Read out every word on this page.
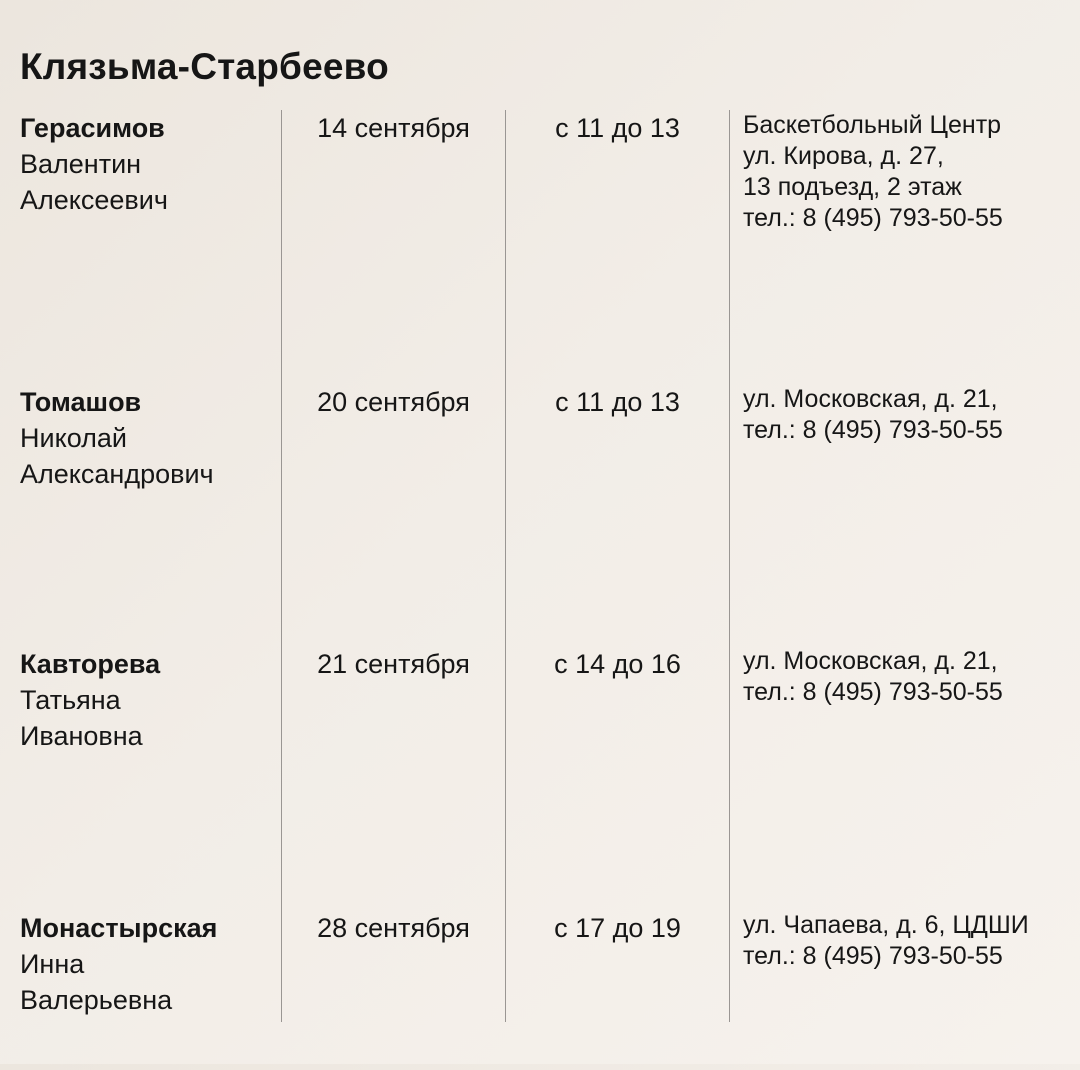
Клязьма-Старбеево
Герасимов
Валентин
Алексеевич
14 сентября	с 11 до 13	Баскетбольный Центр
ул. Кирова, д. 27,
13 подъезд, 2 этаж
тел.: 8 (495) 793-50-55
Томашов
Николай
Александрович
20 сентября	с 11 до 13	ул. Московская, д. 21,
тел.: 8 (495) 793-50-55
Кавторева
Татьяна
Ивановна
21 сентября	с 14 до 16	ул. Московская, д. 21,
тел.: 8 (495) 793-50-55
Монастырская
Инна
Валерьевна
28 сентября	с 17 до 19	ул. Чапаева, д. 6, ЦДШИ
тел.: 8 (495) 793-50-55
